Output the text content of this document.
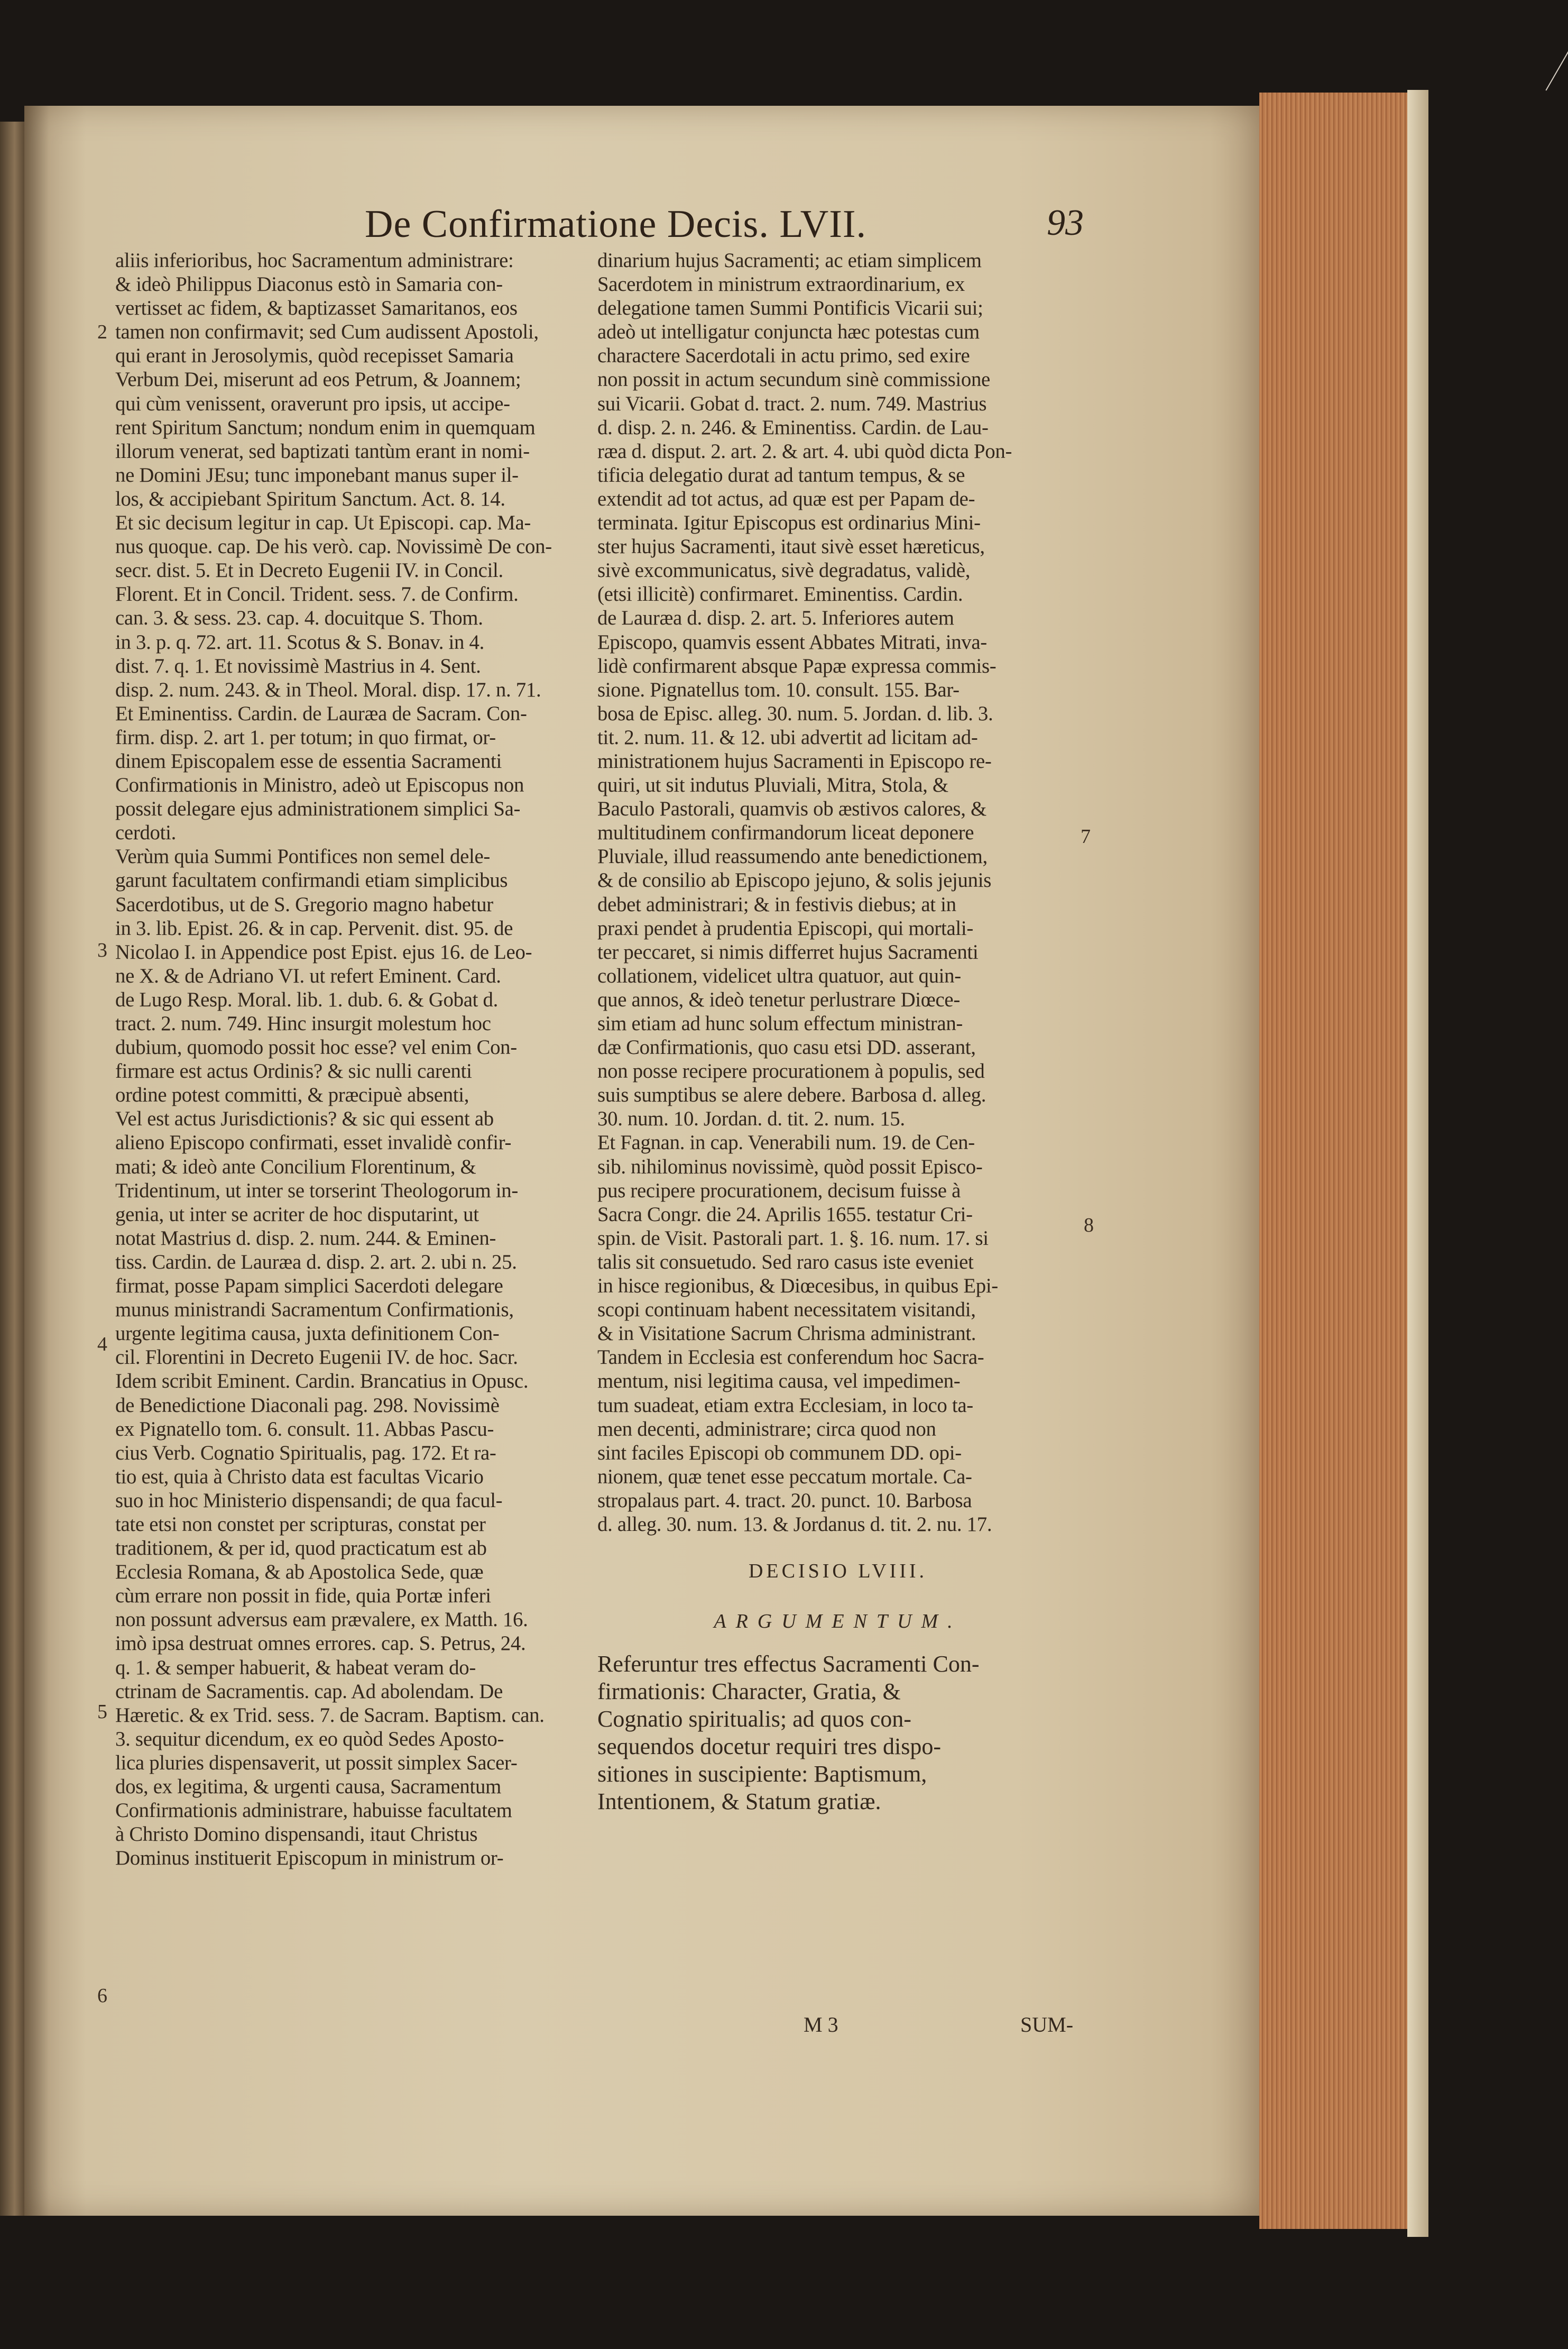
De Confirmatione Decis. LVII.	93
aliis inferioribus, hoc Sacramentum administrare:
& ideò Philippus Diaconus estò in Samaria con-
vertisset ac fidem, & baptizasset Samaritanos, eos
tamen non confirmavit; sed Cum audissent Apostoli,
qui erant in Jerosolymis, quòd recepisset Samaria
Verbum Dei, miserunt ad eos Petrum, & Joannem;
qui cùm venissent, oraverunt pro ipsis, ut accipe-
rent Spiritum Sanctum; nondum enim in quemquam
illorum venerat, sed baptizati tantùm erant in nomi-
ne Domini JEsu; tunc imponebant manus super il-
los, & accipiebant Spiritum Sanctum. Act. 8. 14.
Et sic decisum legitur in cap. Ut Episcopi. cap. Ma-
nus quoque. cap. De his verò. cap. Novissimè De con-
secr. dist. 5. Et in Decreto Eugenii IV. in Concil.
Florent. Et in Concil. Trident. sess. 7. de Confirm.
can. 3. & sess. 23. cap. 4. docuitque S. Thom.
in 3. p. q. 72. art. 11. Scotus & S. Bonav. in 4.
dist. 7. q. 1. Et novissimè Mastrius in 4. Sent.
disp. 2. num. 243. & in Theol. Moral. disp. 17. n. 71.
Et Eminentiss. Cardin. de Lauræa de Sacram. Con-
firm. disp. 2. art 1. per totum; in quo firmat, or-
dinem Episcopalem esse de essentia Sacramenti
Confirmationis in Ministro, adeò ut Episcopus non
possit delegare ejus administrationem simplici Sa-
cerdoti.
Verùm quia Summi Pontifices non semel dele-
garunt facultatem confirmandi etiam simplicibus
Sacerdotibus, ut de S. Gregorio magno habetur
in 3. lib. Epist. 26. & in cap. Pervenit. dist. 95. de
Nicolao I. in Appendice post Epist. ejus 16. de Leo-
ne X. & de Adriano VI. ut refert Eminent. Card.
de Lugo Resp. Moral. lib. 1. dub. 6. & Gobat d.
tract. 2. num. 749. Hinc insurgit molestum hoc
dubium, quomodo possit hoc esse? vel enim Con-
firmare est actus Ordinis? & sic nulli carenti
ordine potest committi, & præcipuè absenti,
Vel est actus Jurisdictionis? & sic qui essent ab
alieno Episcopo confirmati, esset invalidè confir-
mati; & ideò ante Concilium Florentinum, &
Tridentinum, ut inter se torserint Theologorum in-
genia, ut inter se acriter de hoc disputarint, ut
notat Mastrius d. disp. 2. num. 244. & Eminen-
tiss. Cardin. de Lauræa d. disp. 2. art. 2. ubi n. 25.
firmat, posse Papam simplici Sacerdoti delegare
munus ministrandi Sacramentum Confirmationis,
urgente legitima causa, juxta definitionem Con-
cil. Florentini in Decreto Eugenii IV. de hoc. Sacr.
Idem scribit Eminent. Cardin. Brancatius in Opusc.
de Benedictione Diaconali pag. 298. Novissimè
ex Pignatello tom. 6. consult. 11. Abbas Pascu-
cius Verb. Cognatio Spiritualis, pag. 172. Et ra-
tio est, quia à Christo data est facultas Vicario
suo in hoc Ministerio dispensandi; de qua facul-
tate etsi non constet per scripturas, constat per
traditionem, & per id, quod practicatum est ab
Ecclesia Romana, & ab Apostolica Sede, quæ
cùm errare non possit in fide, quia Portæ inferi
non possunt adversus eam prævalere, ex Matth. 16.
imò ipsa destruat omnes errores. cap. S. Petrus, 24.
q. 1. & semper habuerit, & habeat veram do-
ctrinam de Sacramentis. cap. Ad abolendam. De
Hæretic. & ex Trid. sess. 7. de Sacram. Baptism. can.
3. sequitur dicendum, ex eo quòd Sedes Aposto-
lica pluries dispensaverit, ut possit simplex Sacer-
dos, ex legitima, & urgenti causa, Sacramentum
Confirmationis administrare, habuisse facultatem
à Christo Domino dispensandi, itaut Christus
Dominus instituerit Episcopum in ministrum or-
dinarium hujus Sacramenti; ac etiam simplicem
Sacerdotem in ministrum extraordinarium, ex
delegatione tamen Summi Pontificis Vicarii sui;
adeò ut intelligatur conjuncta hæc potestas cum
charactere Sacerdotali in actu primo, sed exire
non possit in actum secundum sinè commissione
sui Vicarii. Gobat d. tract. 2. num. 749. Mastrius
d. disp. 2. n. 246. & Eminentiss. Cardin. de Lau-
ræa d. disput. 2. art. 2. & art. 4. ubi quòd dicta Pon-
tificia delegatio durat ad tantum tempus, & se
extendit ad tot actus, ad quæ est per Papam de-
terminata. Igitur Episcopus est ordinarius Mini-
ster hujus Sacramenti, itaut sivè esset hæreticus,
sivè excommunicatus, sivè degradatus, validè,
(etsi illicitè) confirmaret. Eminentiss. Cardin.
de Lauræa d. disp. 2. art. 5. Inferiores autem
Episcopo, quamvis essent Abbates Mitrati, inva-
lidè confirmarent absque Papæ expressa commis-
sione. Pignatellus tom. 10. consult. 155. Bar-
bosa de Episc. alleg. 30. num. 5. Jordan. d. lib. 3.
tit. 2. num. 11. & 12. ubi advertit ad licitam ad-
ministrationem hujus Sacramenti in Episcopo re-
quiri, ut sit indutus Pluviali, Mitra, Stola, &
Baculo Pastorali, quamvis ob æstivos calores, &
multitudinem confirmandorum liceat deponere
Pluviale, illud reassumendo ante benedictionem,
& de consilio ab Episcopo jejuno, & solis jejunis
debet administrari; & in festivis diebus; at in
praxi pendet à prudentia Episcopi, qui mortali-
ter peccaret, si nimis differret hujus Sacramenti
collationem, videlicet ultra quatuor, aut quin-
que annos, & ideò tenetur perlustrare Diœce-
sim etiam ad hunc solum effectum ministran-
dæ Confirmationis, quo casu etsi DD. asserant,
non posse recipere procurationem à populis, sed
suis sumptibus se alere debere. Barbosa d. alleg.
30. num. 10. Jordan. d. tit. 2. num. 15.
Et Fagnan. in cap. Venerabili num. 19. de Cen-
sib. nihilominus novissimè, quòd possit Episco-
pus recipere procurationem, decisum fuisse à
Sacra Congr. die 24. Aprilis 1655. testatur Cri-
spin. de Visit. Pastorali part. 1. §. 16. num. 17. si
talis sit consuetudo. Sed raro casus iste eveniet
in hisce regionibus, & Diœcesibus, in quibus Epi-
scopi continuam habent necessitatem visitandi,
& in Visitatione Sacrum Chrisma administrant.
Tandem in Ecclesia est conferendum hoc Sacra-
mentum, nisi legitima causa, vel impedimen-
tum suadeat, etiam extra Ecclesiam, in loco ta-
men decenti, administrare; circa quod non
sint faciles Episcopi ob communem DD. opi-
nionem, quæ tenet esse peccatum mortale. Ca-
stropalaus part. 4. tract. 20. punct. 10. Barbosa
d. alleg. 30. num. 13. & Jordanus d. tit. 2. nu. 17.
DECISIO LVIII.
ARGUMENTUM.
Referuntur tres effectus Sacramenti Con-
firmationis: Character, Gratia, &
Cognatio spiritualis; ad quos con-
sequendos docetur requiri tres dispo-
sitiones in suscipiente: Baptismum,
Intentionem, & Statum gratiæ.
2
3
4
5
6
7
8
M 3	SUM-
